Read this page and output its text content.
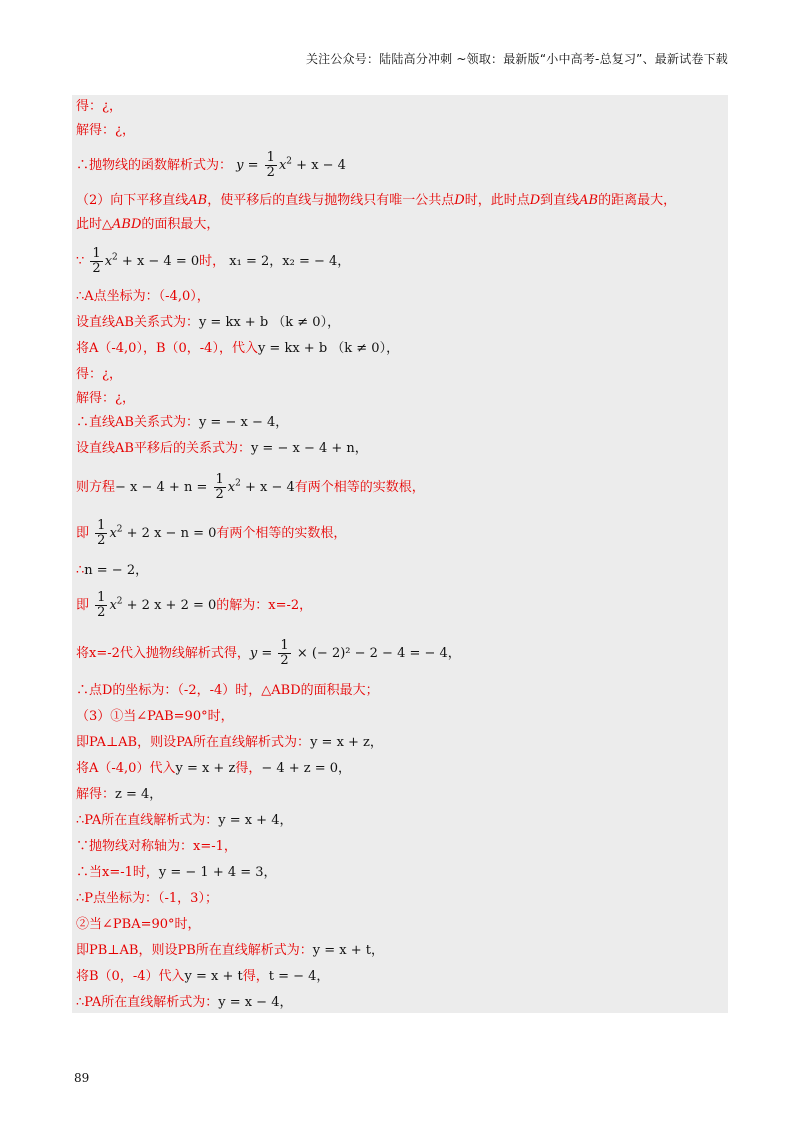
关注公众号：陆陆高分冲刺 ~领取：最新版“小中高考-总复习”、最新试卷下载
得：¿，
解得：¿，
∴抛物线的函数解析式为： $y = \frac{1}{2} x^2 + x - 4$
（2）向下平移直线AB，使平移后的直线与抛物线只有唯一公共点D时，此时点D到直线AB的距离最大，
此时△ABD的面积最大，
∵ $\frac{1}{2} x^2 + x - 4 = 0$时， x₁ = 2，x₂ = − 4，
∴A点坐标为：（-4,0），
设直线AB关系式为：y = kx + b （k ≠ 0），
将A（-4,0），B（0，-4），代入y = kx + b （k ≠ 0），
得：¿，
解得：¿，
∴直线AB关系式为：y = − x − 4，
设直线AB平移后的关系式为：y = − x − 4 + n，
则方程− $x - 4 + n = \frac{1}{2} x^2 + x - 4$有两个相等的实数根，
即 $\frac{1}{2} x^2 + 2$ x − n = 0有两个相等的实数根，
∴n = − 2，
即 $\frac{1}{2} x^2 + 2$ x + 2 = 0的解为：x=-2，
将x=-2代入抛物线解析式得，$y = \frac{1}{2}$ × (− 2)² − 2 − 4 = − 4，
∴点D的坐标为：（-2，-4）时，△ABD的面积最大；
（3）①当∠PAB=90°时，
即PA⊥AB，则设PA所在直线解析式为：y = x + z，
将A（-4,0）代入y = x + z得，− 4 + z = 0，
解得：z = 4，
∴PA所在直线解析式为：y = x + 4，
∵抛物线对称轴为：x=-1，
∴当x=-1时，y = − 1 + 4 = 3，
∴P点坐标为：（-1，3）；
②当∠PBA=90°时，
即PB⊥AB，则设PB所在直线解析式为：y = x + t，
将B（0，-4）代入y = x + t得，t = − 4，
∴PA所在直线解析式为：y = x − 4，
89
